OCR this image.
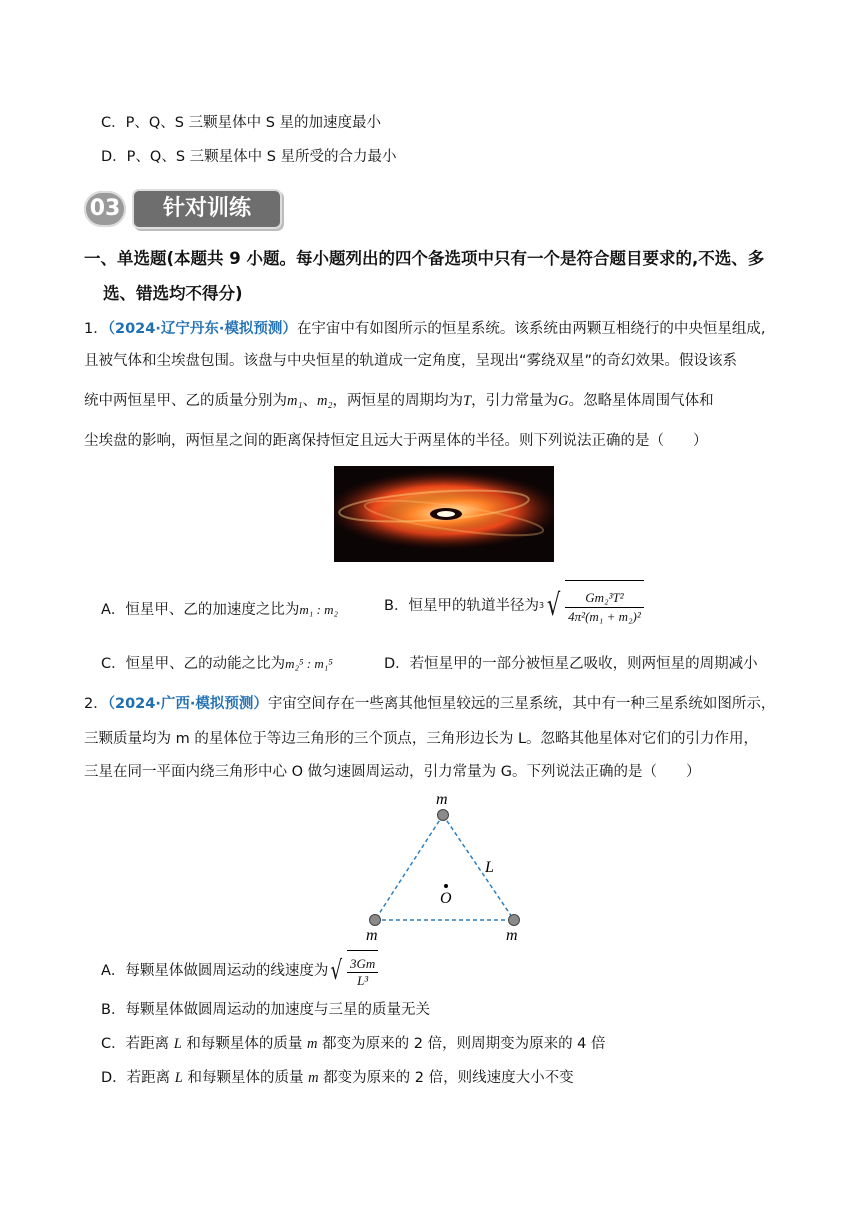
C．P、Q、S 三颗星体中 S 星的加速度最小
D．P、Q、S 三颗星体中 S 星所受的合力最小
03	针对训练
一、单选题(本题共 9 小题。每小题列出的四个备选项中只有一个是符合题目要求的,不选、多
选、错选均不得分)
1．（2024·辽宁丹东·模拟预测）在宇宙中有如图所示的恒星系统。该系统由两颗互相绕行的中央恒星组成,
且被气体和尘埃盘包围。该盘与中央恒星的轨道成一定角度，呈现出“雾绕双星”的奇幻效果。假设该系
统中两恒星甲、乙的质量分别为m₁、m₂，两恒星的周期均为T，引力常量为G。忽略星体周围气体和
尘埃盘的影响，两恒星之间的距离保持恒定且远大于两星体的半径。则下列说法正确的是（　　）
A．恒星甲、乙的加速度之比为m₁ : m₂	B．恒星甲的轨道半径为$^3√ \frac{\text{Gm₂³T²}}{\text{4π²(m₁ + m₂)²}}$
C．恒星甲、乙的动能之比为m₂⁵ : m₁⁵	D．若恒星甲的一部分被恒星乙吸收，则两恒星的周期减小
2．（2024·广西·模拟预测）宇宙空间存在一些离其他恒星较远的三星系统，其中有一种三星系统如图所示，
三颗质量均为 m 的星体位于等边三角形的三个顶点，三角形边长为 L。忽略其他星体对它们的引力作用，
三星在同一平面内绕三角形中心 O 做匀速圆周运动，引力常量为 G。下列说法正确的是（　　）
m
m	m
L
O
A．每颗星体做圆周运动的线速度为√ $\frac{3Gm}{\text{L³}}$
B．每颗星体做圆周运动的加速度与三星的质量无关
C．若距离 L 和每颗星体的质量 m 都变为原来的 2 倍，则周期变为原来的 4 倍
D．若距离 L 和每颗星体的质量 m 都变为原来的 2 倍，则线速度大小不变
